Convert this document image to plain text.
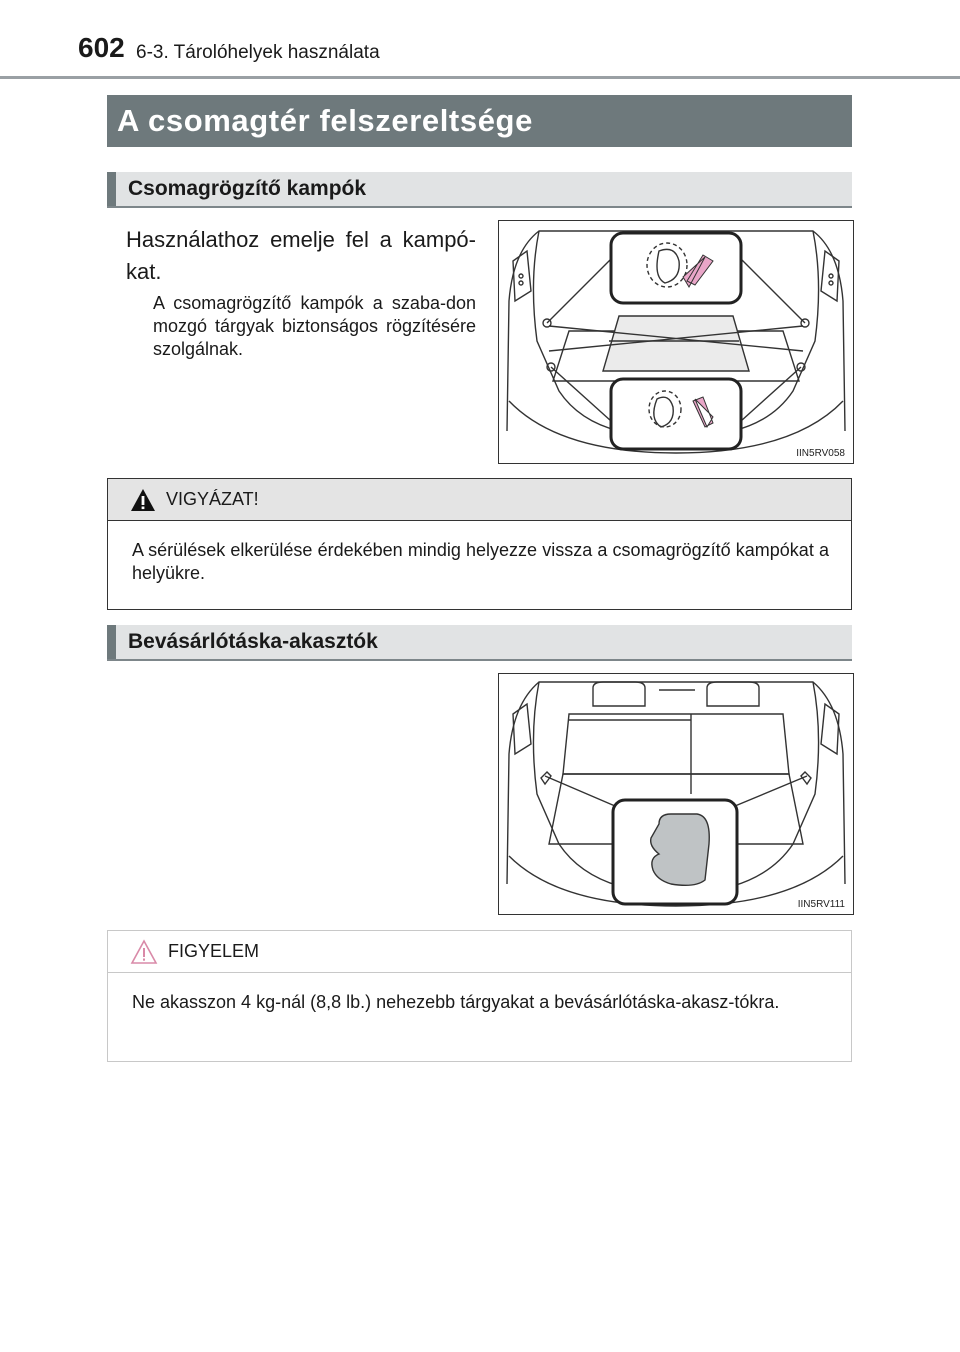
602 6-3. Tárolóhelyek használata
A csomagtér felszereltsége
Csomagrögzítő kampók
Használathoz emelje fel a kampó-kat.
A csomagrögzítő kampók a szaba-don mozgó tárgyak biztonságos rögzítésére szolgálnak.
IIN5RV058
VIGYÁZAT!
A sérülések elkerülése érdekében mindig helyezze vissza a csomagrögzítő kampókat a helyükre.
Bevásárlótáska-akasztók
IIN5RV111
FIGYELEM
Ne akasszon 4 kg-nál (8,8 lb.) nehezebb tárgyakat a bevásárlótáska-akasz-tókra.
